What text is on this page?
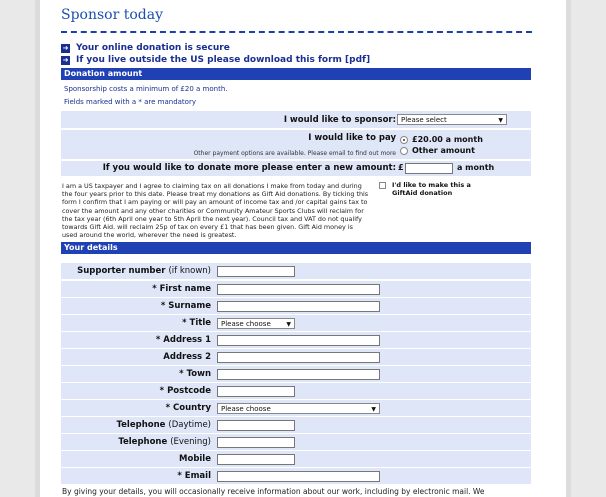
Sponsor today
➜ Your online donation is secure
➜ If you live outside the US please download this form [pdf]
Donation amount
Sponsorship costs a minimum of £20 a month.
Fields marked with a * are mandatory
I would like to sponsor: Please select	▼
I would like to pay
Other payment options are available. Please email to find out more
£20.00 a month
Other amount
If you would like to donate more please enter a new amount: £	a month
I am a US taxpayer and I agree to claiming tax on all donations I make from today and during the four years prior to this date. Please treat my donations as Gift Aid donations. By ticking this form I confirm that I am paying or will pay an amount of income tax and /or capital gains tax to cover the amount and any other charities or Community Amateur Sports Clubs will reclaim for the tax year (6th April one year to 5th April the next year). Council tax and VAT do not qualify towards Gift Aid. will reclaim 25p of tax on every £1 that has been given. Gift Aid money is used around the world, wherever the need is greatest.
I'd like to make this a GiftAid donation
Your details
Supporter number (if known)
* First name
* Surname
* Title	Please choose	▼
* Address 1
Address 2
* Town
* Postcode
* Country	Please choose	▼
Telephone (Daytime)
Telephone (Evening)
Mobile
* Email
By giving your details, you will occasionally receive information about our work, including by electronic mail. We
